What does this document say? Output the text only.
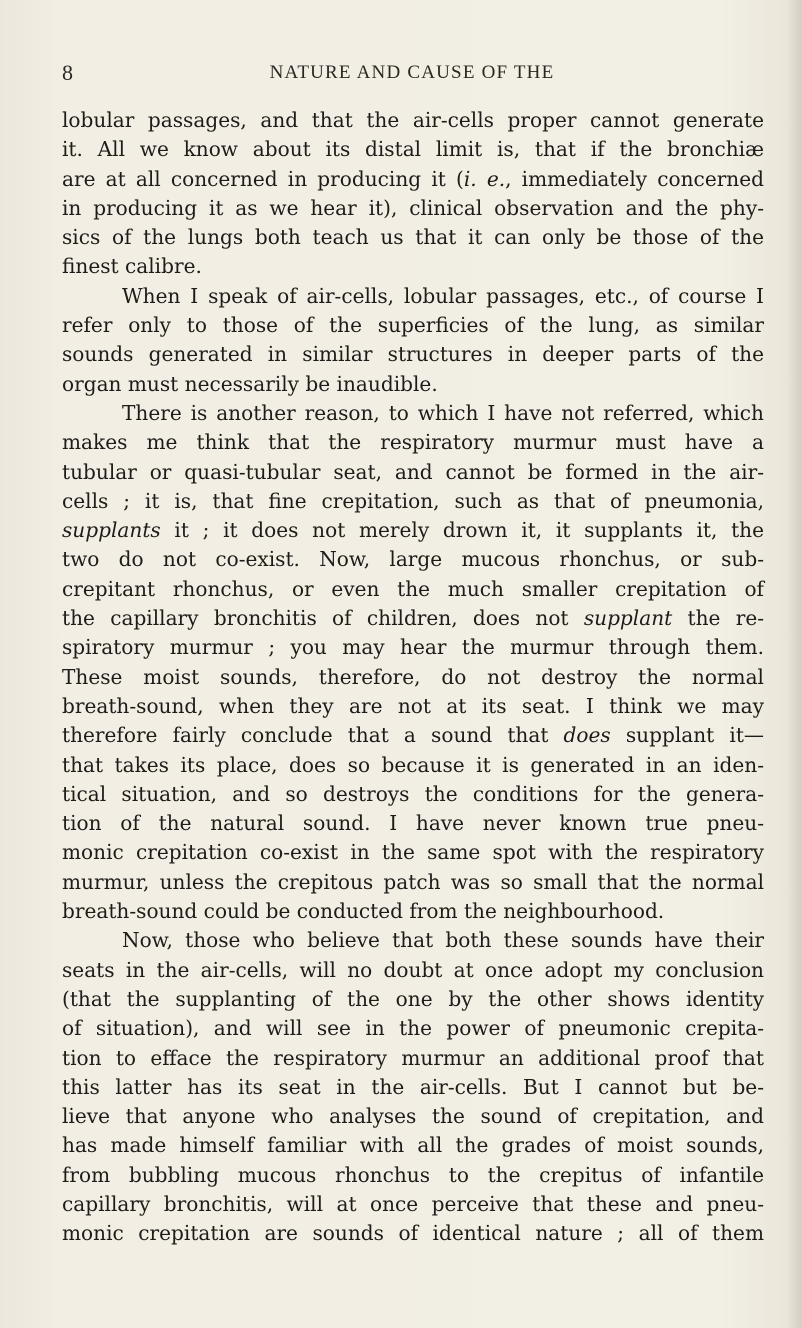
8	NATURE AND CAUSE OF THE
lobular passages, and that the air-cells proper cannot generate
it. All we know about its distal limit is, that if the bronchiæ
are at all concerned in producing it (i. e., immediately concerned
in producing it as we hear it), clinical observation and the phy-
sics of the lungs both teach us that it can only be those of the
finest calibre.
When I speak of air-cells, lobular passages, etc., of course I
refer only to those of the superficies of the lung, as similar
sounds generated in similar structures in deeper parts of the
organ must necessarily be inaudible.
There is another reason, to which I have not referred, which
makes me think that the respiratory murmur must have a
tubular or quasi-tubular seat, and cannot be formed in the air-
cells ; it is, that fine crepitation, such as that of pneumonia,
supplants it ; it does not merely drown it, it supplants it, the
two do not co-exist. Now, large mucous rhonchus, or sub-
crepitant rhonchus, or even the much smaller crepitation of
the capillary bronchitis of children, does not supplant the re-
spiratory murmur ; you may hear the murmur through them.
These moist sounds, therefore, do not destroy the normal
breath-sound, when they are not at its seat. I think we may
therefore fairly conclude that a sound that does supplant it—
that takes its place, does so because it is generated in an iden-
tical situation, and so destroys the conditions for the genera-
tion of the natural sound. I have never known true pneu-
monic crepitation co-exist in the same spot with the respiratory
murmur, unless the crepitous patch was so small that the normal
breath-sound could be conducted from the neighbourhood.
Now, those who believe that both these sounds have their
seats in the air-cells, will no doubt at once adopt my conclusion
(that the supplanting of the one by the other shows identity
of situation), and will see in the power of pneumonic crepita-
tion to efface the respiratory murmur an additional proof that
this latter has its seat in the air-cells. But I cannot but be-
lieve that anyone who analyses the sound of crepitation, and
has made himself familiar with all the grades of moist sounds,
from bubbling mucous rhonchus to the crepitus of infantile
capillary bronchitis, will at once perceive that these and pneu-
monic crepitation are sounds of identical nature ; all of them
